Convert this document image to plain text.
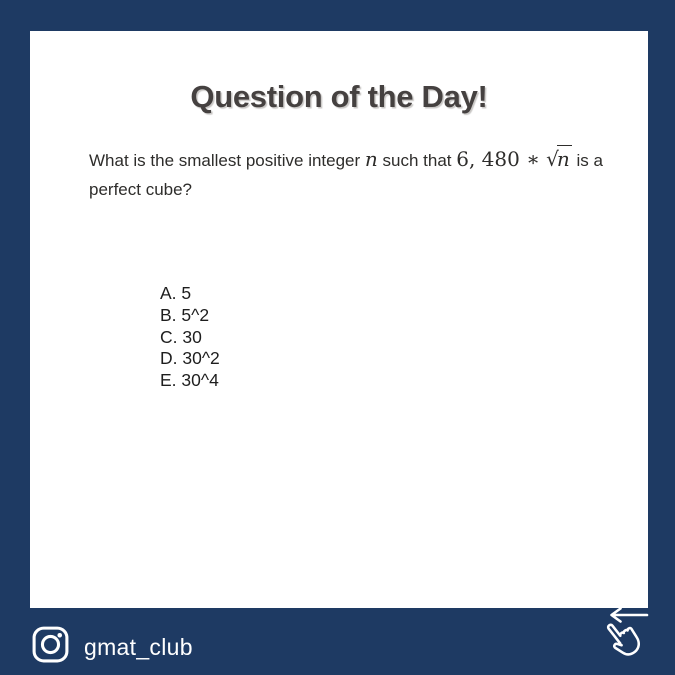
Question of the Day!

What is the smallest positive integer n such that 6, 480 ∗ √n is a
perfect cube?

A. 5
B. 5^2
C. 30
D. 30^2
E. 30^4
gmat_club
